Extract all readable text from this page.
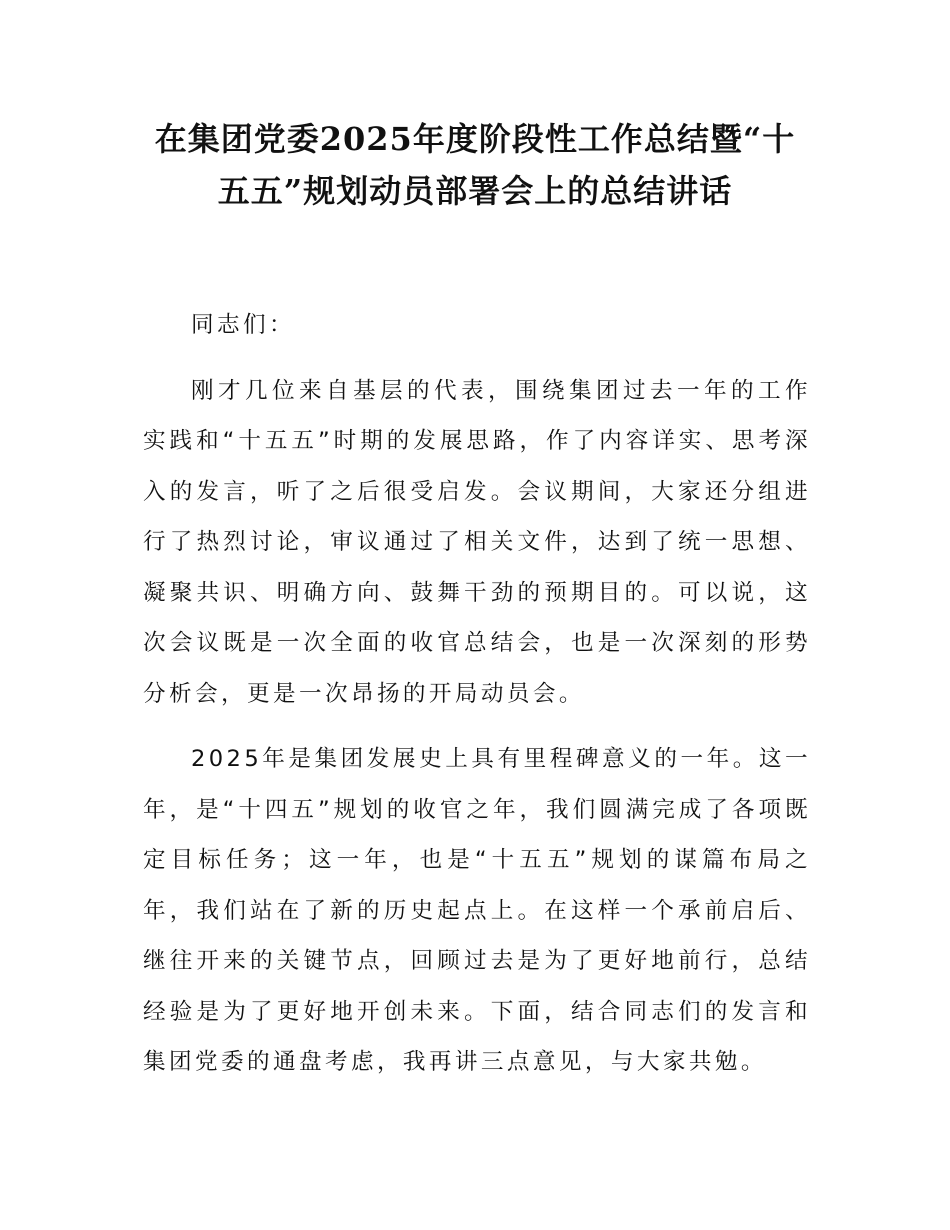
在集团党委2025年度阶段性工作总结暨“十
五五”规划动员部署会上的总结讲话

同志们：

刚才几位来自基层的代表，围绕集团过去一年的工作实践和“十五五”时期的发展思路，作了内容详实、思考深入的发言，听了之后很受启发。会议期间，大家还分组进行了热烈讨论，审议通过了相关文件，达到了统一思想、凝聚共识、明确方向、鼓舞干劲的预期目的。可以说，这次会议既是一次全面的收官总结会，也是一次深刻的形势分析会，更是一次昂扬的开局动员会。

2025年是集团发展史上具有里程碑意义的一年。这一年，是“十四五”规划的收官之年，我们圆满完成了各项既定目标任务；这一年，也是“十五五”规划的谋篇布局之年，我们站在了新的历史起点上。在这样一个承前启后、继往开来的关键节点，回顾过去是为了更好地前行，总结经验是为了更好地开创未来。下面，结合同志们的发言和集团党委的通盘考虑，我再讲三点意见，与大家共勉。
